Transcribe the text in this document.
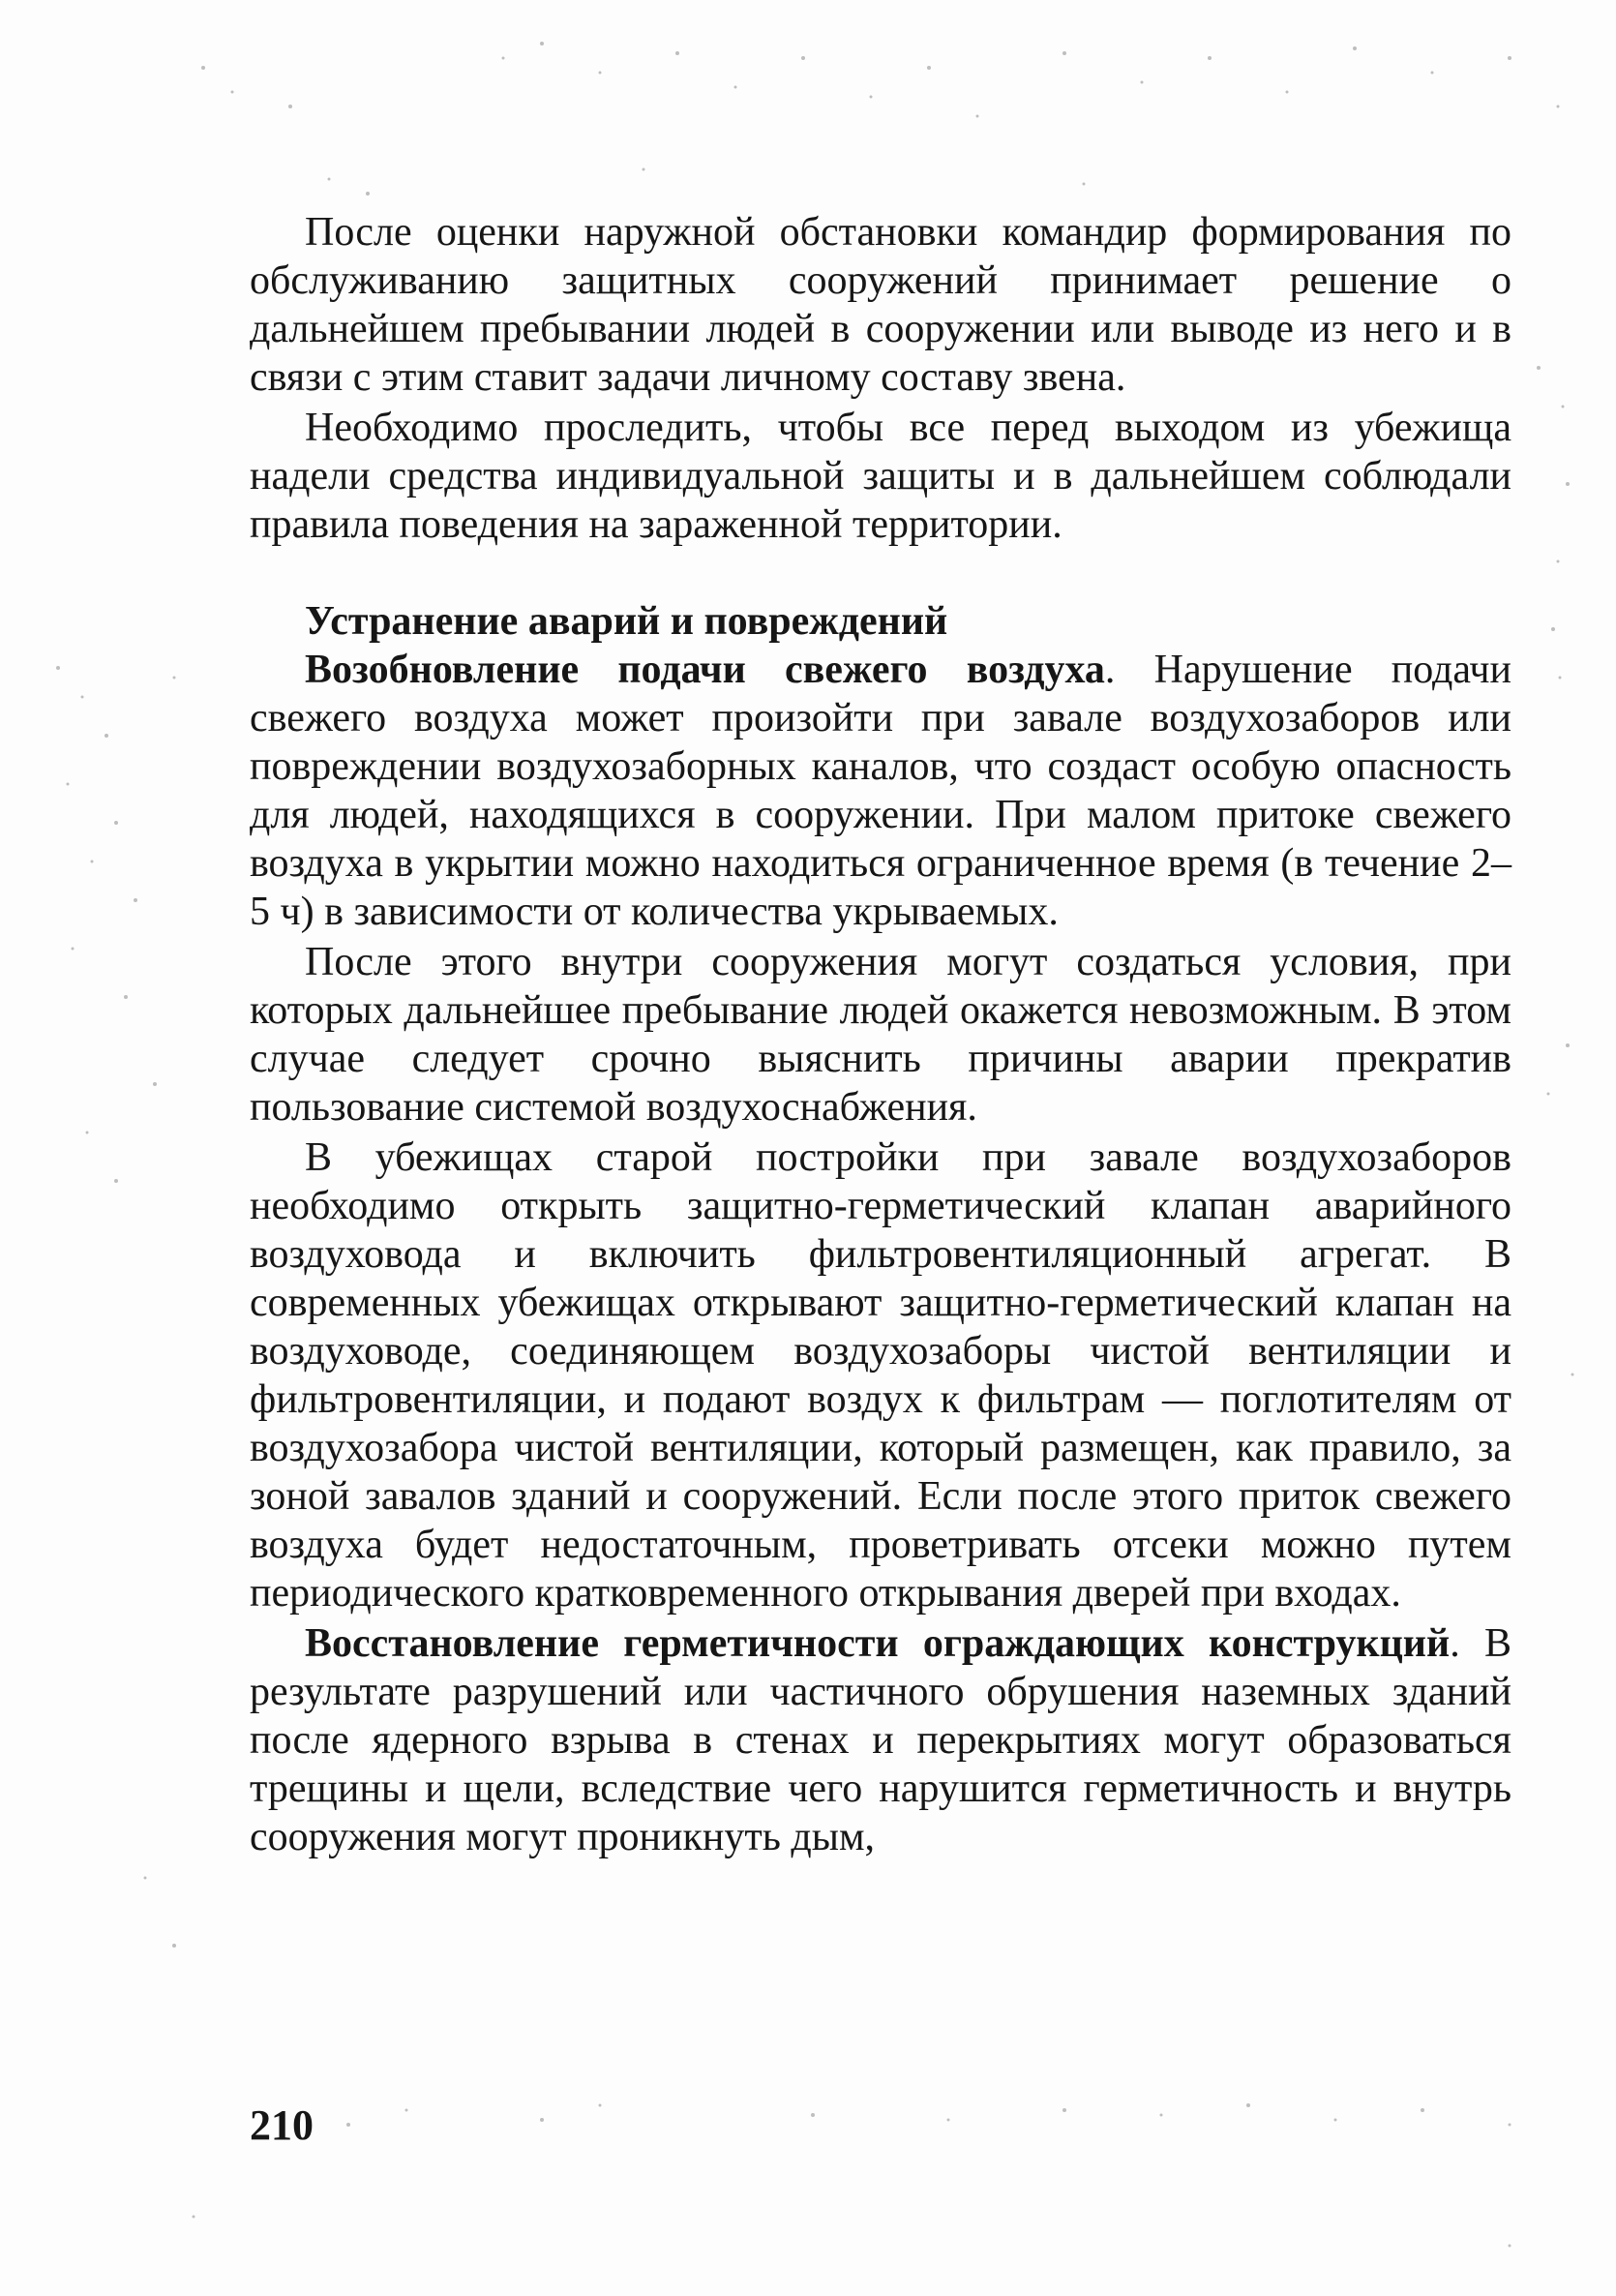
После оценки наружной обстановки командир формирования по обслуживанию защитных сооружений принимает решение о дальнейшем пребывании людей в сооружении или выводе из него и в связи с этим ставит задачи личному составу звена.

Необходимо проследить, чтобы все перед выходом из убежища надели средства индивидуальной защиты и в дальнейшем соблюдали правила поведения на зараженной территории.

Устранение аварий и повреждений

Возобновление подачи свежего воздуха. Нарушение подачи свежего воздуха может произойти при завале воздухозаборов или повреждении воздухозаборных каналов, что создаст особую опасность для людей, находящихся в сооружении. При малом притоке свежего воздуха в укрытии можно находиться ограниченное время (в течение 2–5 ч) в зависимости от количества укрываемых.

После этого внутри сооружения могут создаться условия, при которых дальнейшее пребывание людей окажется невозможным. В этом случае следует срочно выяснить причины аварии прекратив пользование системой воздухоснабжения.

В убежищах старой постройки при завале воздухозаборов необходимо открыть защитно-герметический клапан аварийного воздуховода и включить фильтровентиляционный агрегат. В современных убежищах открывают защитно-герметический клапан на воздуховоде, соединяющем воздухозаборы чистой вентиляции и фильтровентиляции, и подают воздух к фильтрам — поглотителям от воздухозабора чистой вентиляции, который размещен, как правило, за зоной завалов зданий и сооружений. Если после этого приток свежего воздуха будет недостаточным, проветривать отсеки можно путем периодического кратковременного открывания дверей при входах.

Восстановление герметичности ограждающих конструкций. В результате разрушений или частичного обрушения наземных зданий после ядерного взрыва в стенах и перекрытиях могут образоваться трещины и щели, вследствие чего нарушится герметичность и внутрь сооружения могут проникнуть дым,

210
